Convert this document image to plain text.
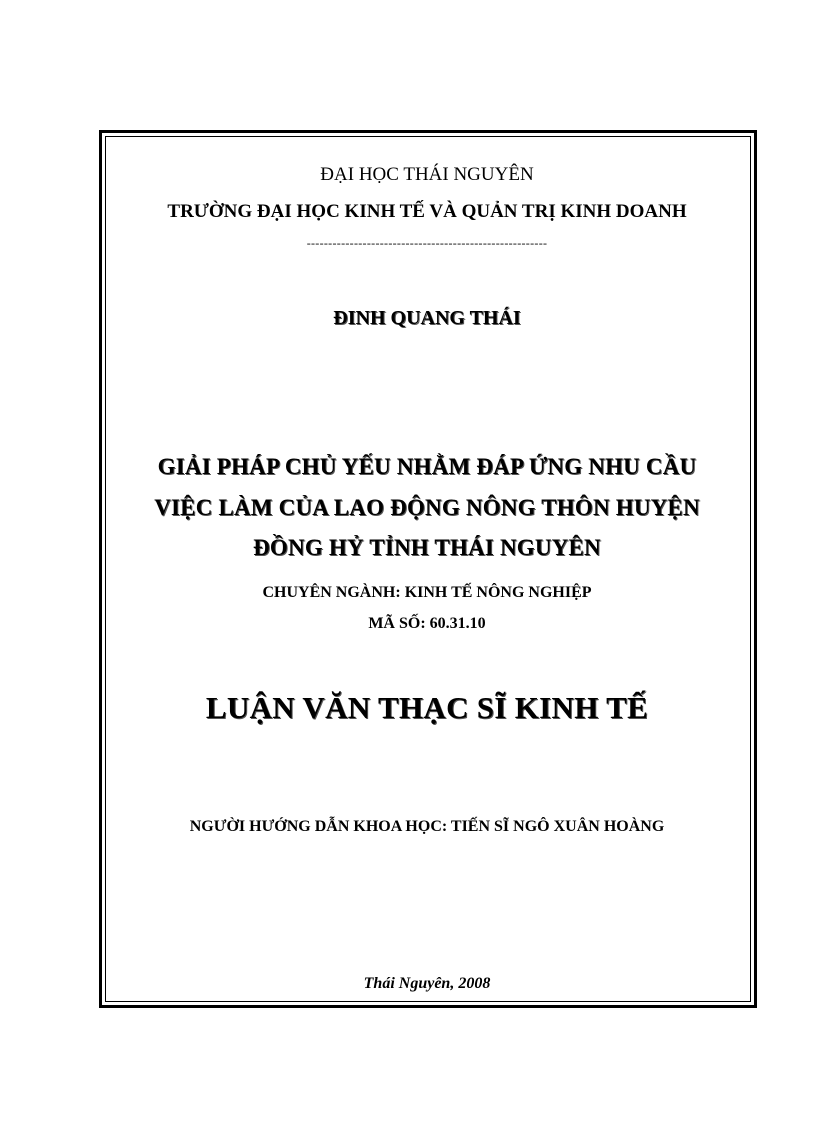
ĐẠI HỌC THÁI NGUYÊN
TRƯỜNG ĐẠI HỌC KINH TẾ VÀ QUẢN TRỊ KINH DOANH
--------------------------------------------------------
ĐINH QUANG THÁI
GIẢI PHÁP CHỦ YẾU NHẰM ĐÁP ỨNG NHU CẦU
VIỆC LÀM CỦA LAO ĐỘNG NÔNG THÔN HUYỆN
ĐỒNG HỶ TỈNH THÁI NGUYÊN
CHUYÊN NGÀNH: KINH TẾ NÔNG NGHIỆP
MÃ SỐ: 60.31.10
LUẬN VĂN THẠC SĨ KINH TẾ
NGƯỜI HƯỚNG DẪN KHOA HỌC: TIẾN SĨ NGÔ XUÂN HOÀNG
Thái Nguyên, 2008
